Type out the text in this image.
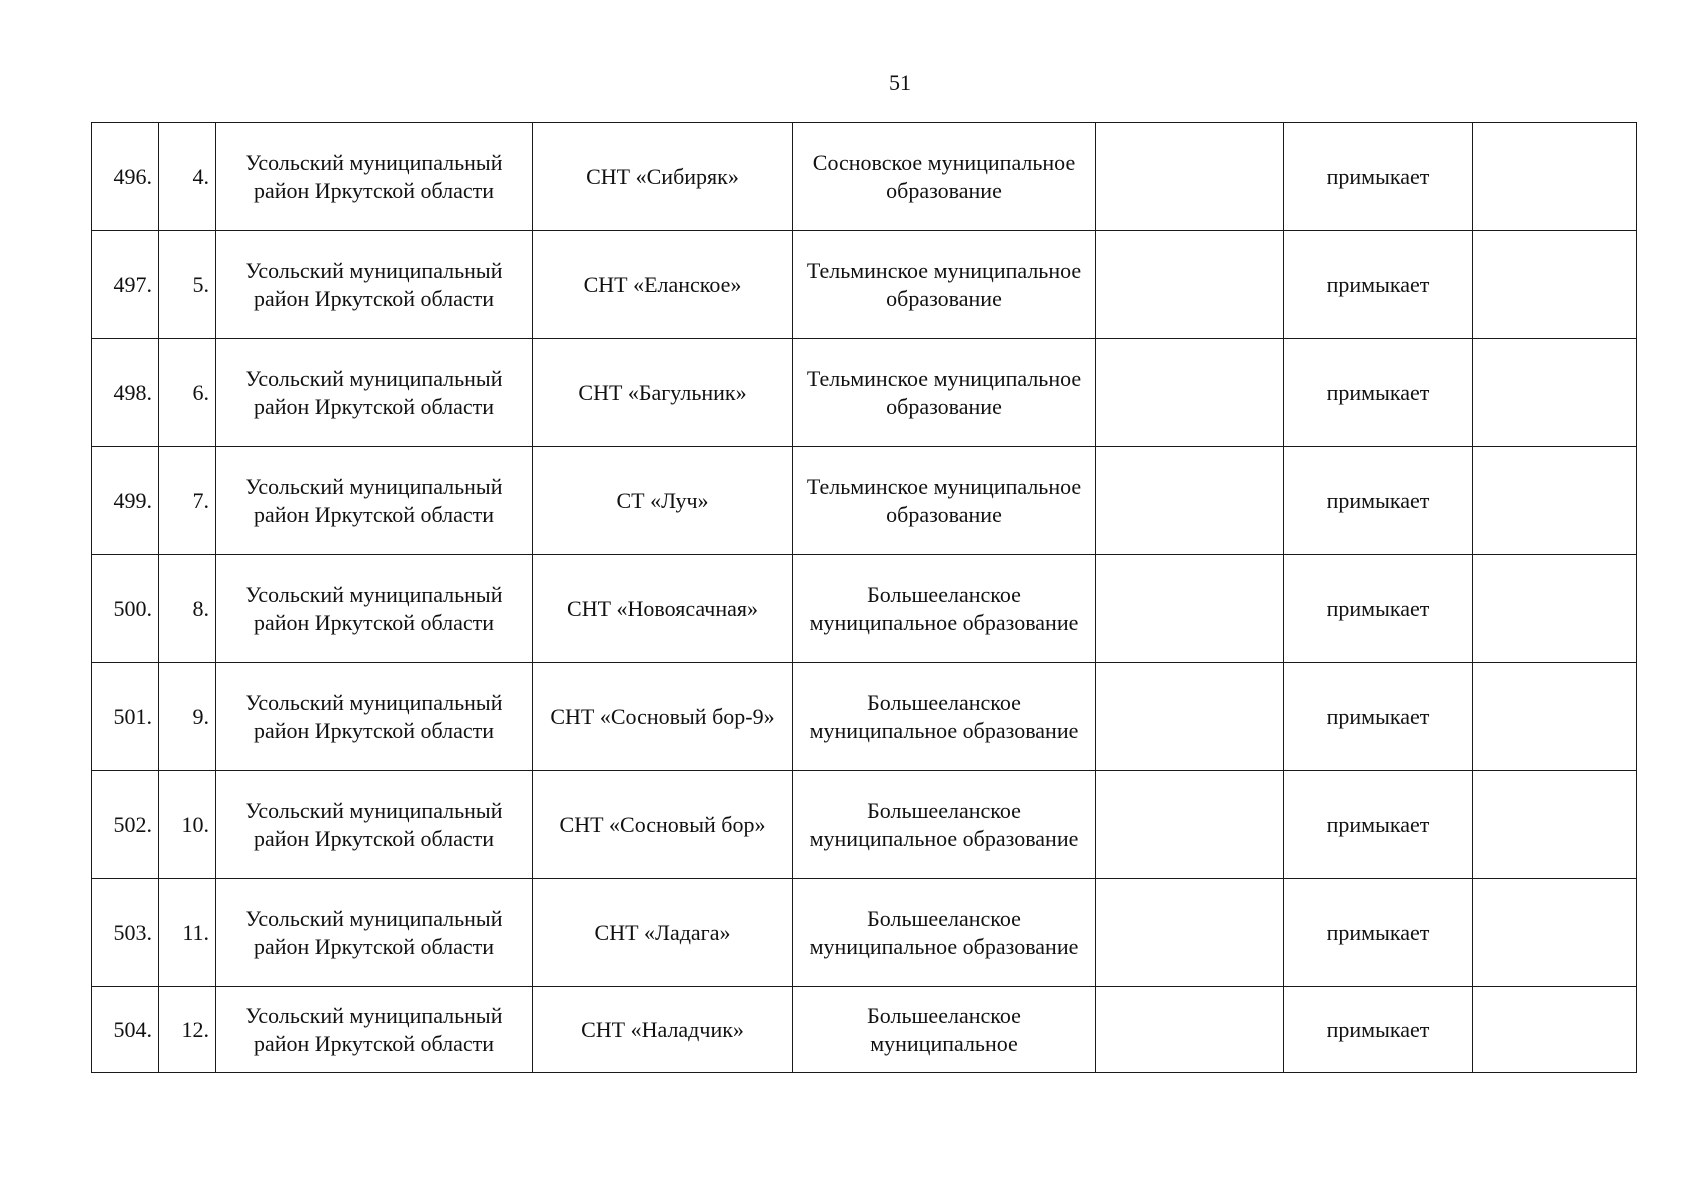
51
496.	4.	Усольский муниципальный район Иркутской области	СНТ «Сибиряк»	Сосновское муниципальное образование		примыкает	
497.	5.	Усольский муниципальный район Иркутской области	СНТ «Еланское»	Тельминское муниципальное образование		примыкает	
498.	6.	Усольский муниципальный район Иркутской области	СНТ «Багульник»	Тельминское муниципальное образование		примыкает	
499.	7.	Усольский муниципальный район Иркутской области	СТ «Луч»	Тельминское муниципальное образование		примыкает	
500.	8.	Усольский муниципальный район Иркутской области	СНТ «Новоясачная»	Большееланское муниципальное образование		примыкает	
501.	9.	Усольский муниципальный район Иркутской области	СНТ «Сосновый бор-9»	Большееланское муниципальное образование		примыкает	
502.	10.	Усольский муниципальный район Иркутской области	СНТ «Сосновый бор»	Большееланское муниципальное образование		примыкает	
503.	11.	Усольский муниципальный район Иркутской области	СНТ «Ладага»	Большееланское муниципальное образование		примыкает	
504.	12.	Усольский муниципальный район Иркутской области	СНТ «Наладчик»	Большееланское муниципальное		примыкает	
